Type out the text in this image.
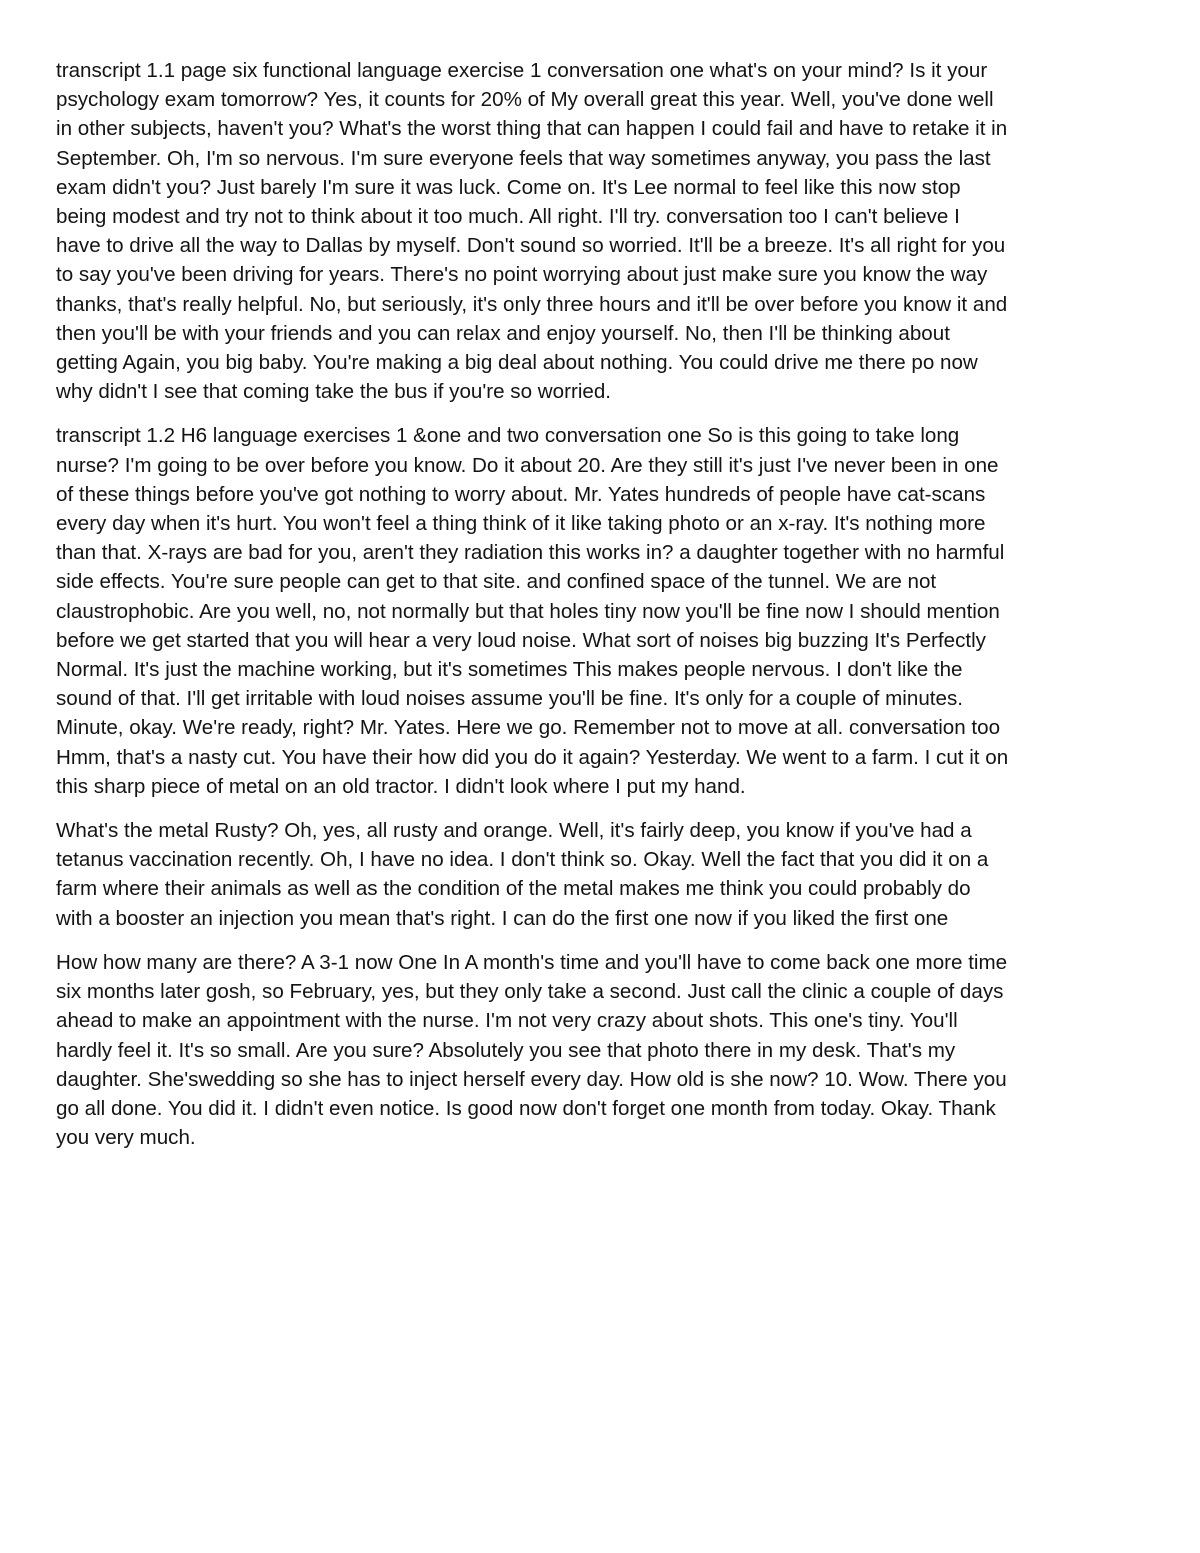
transcript 1.1 page six functional language exercise 1 conversation one what's on your mind? Is it your
psychology exam tomorrow? Yes, it counts for 20% of My overall great this year. Well, you've done well
in other subjects, haven't you? What's the worst thing that can happen I could fail and have to retake it in
September. Oh, I'm so nervous. I'm sure everyone feels that way sometimes anyway, you pass the last
exam didn't you? Just barely I'm sure it was luck. Come on. It's Lee normal to feel like this now stop
being modest and try not to think about it too much. All right. I'll try. conversation too I can't believe I
have to drive all the way to Dallas by myself. Don't sound so worried. It'll be a breeze. It's all right for you
to say you've been driving for years. There's no point worrying about just make sure you know the way
thanks, that's really helpful. No, but seriously, it's only three hours and it'll be over before you know it and
then you'll be with your friends and you can relax and enjoy yourself. No, then I'll be thinking about
getting Again, you big baby. You're making a big deal about nothing. You could drive me there po now
why didn't I see that coming take the bus if you're so worried.

transcript 1.2 H6 language exercises 1 &one and two conversation one So is this going to take long
nurse? I'm going to be over before you know. Do it about 20. Are they still it's just I've never been in one
of these things before you've got nothing to worry about. Mr. Yates hundreds of people have cat-scans
every day when it's hurt. You won't feel a thing think of it like taking photo or an x-ray. It's nothing more
than that. X-rays are bad for you, aren't they radiation this works in? a daughter together with no harmful
side effects. You're sure people can get to that site. and confined space of the tunnel. We are not
claustrophobic. Are you well, no, not normally but that holes tiny now you'll be fine now I should mention
before we get started that you will hear a very loud noise. What sort of noises big buzzing It's Perfectly
Normal. It's just the machine working, but it's sometimes This makes people nervous. I don't like the
sound of that. I'll get irritable with loud noises assume you'll be fine. It's only for a couple of minutes.
Minute, okay. We're ready, right? Mr. Yates. Here we go. Remember not to move at all. conversation too
Hmm, that's a nasty cut. You have their how did you do it again? Yesterday. We went to a farm. I cut it on
this sharp piece of metal on an old tractor. I didn't look where I put my hand.

What's the metal Rusty? Oh, yes, all rusty and orange. Well, it's fairly deep, you know if you've had a
tetanus vaccination recently. Oh, I have no idea. I don't think so. Okay. Well the fact that you did it on a
farm where their animals as well as the condition of the metal makes me think you could probably do
with a booster an injection you mean that's right. I can do the first one now if you liked the first one

How how many are there? A 3-1 now One In A month's time and you'll have to come back one more time
six months later gosh, so February, yes, but they only take a second. Just call the clinic a couple of days
ahead to make an appointment with the nurse. I'm not very crazy about shots. This one's tiny. You'll
hardly feel it. It's so small. Are you sure? Absolutely you see that photo there in my desk. That's my
daughter. She'swedding so she has to inject herself every day. How old is she now? 10. Wow. There you
go all done. You did it. I didn't even notice. Is good now don't forget one month from today. Okay. Thank
you very much.
